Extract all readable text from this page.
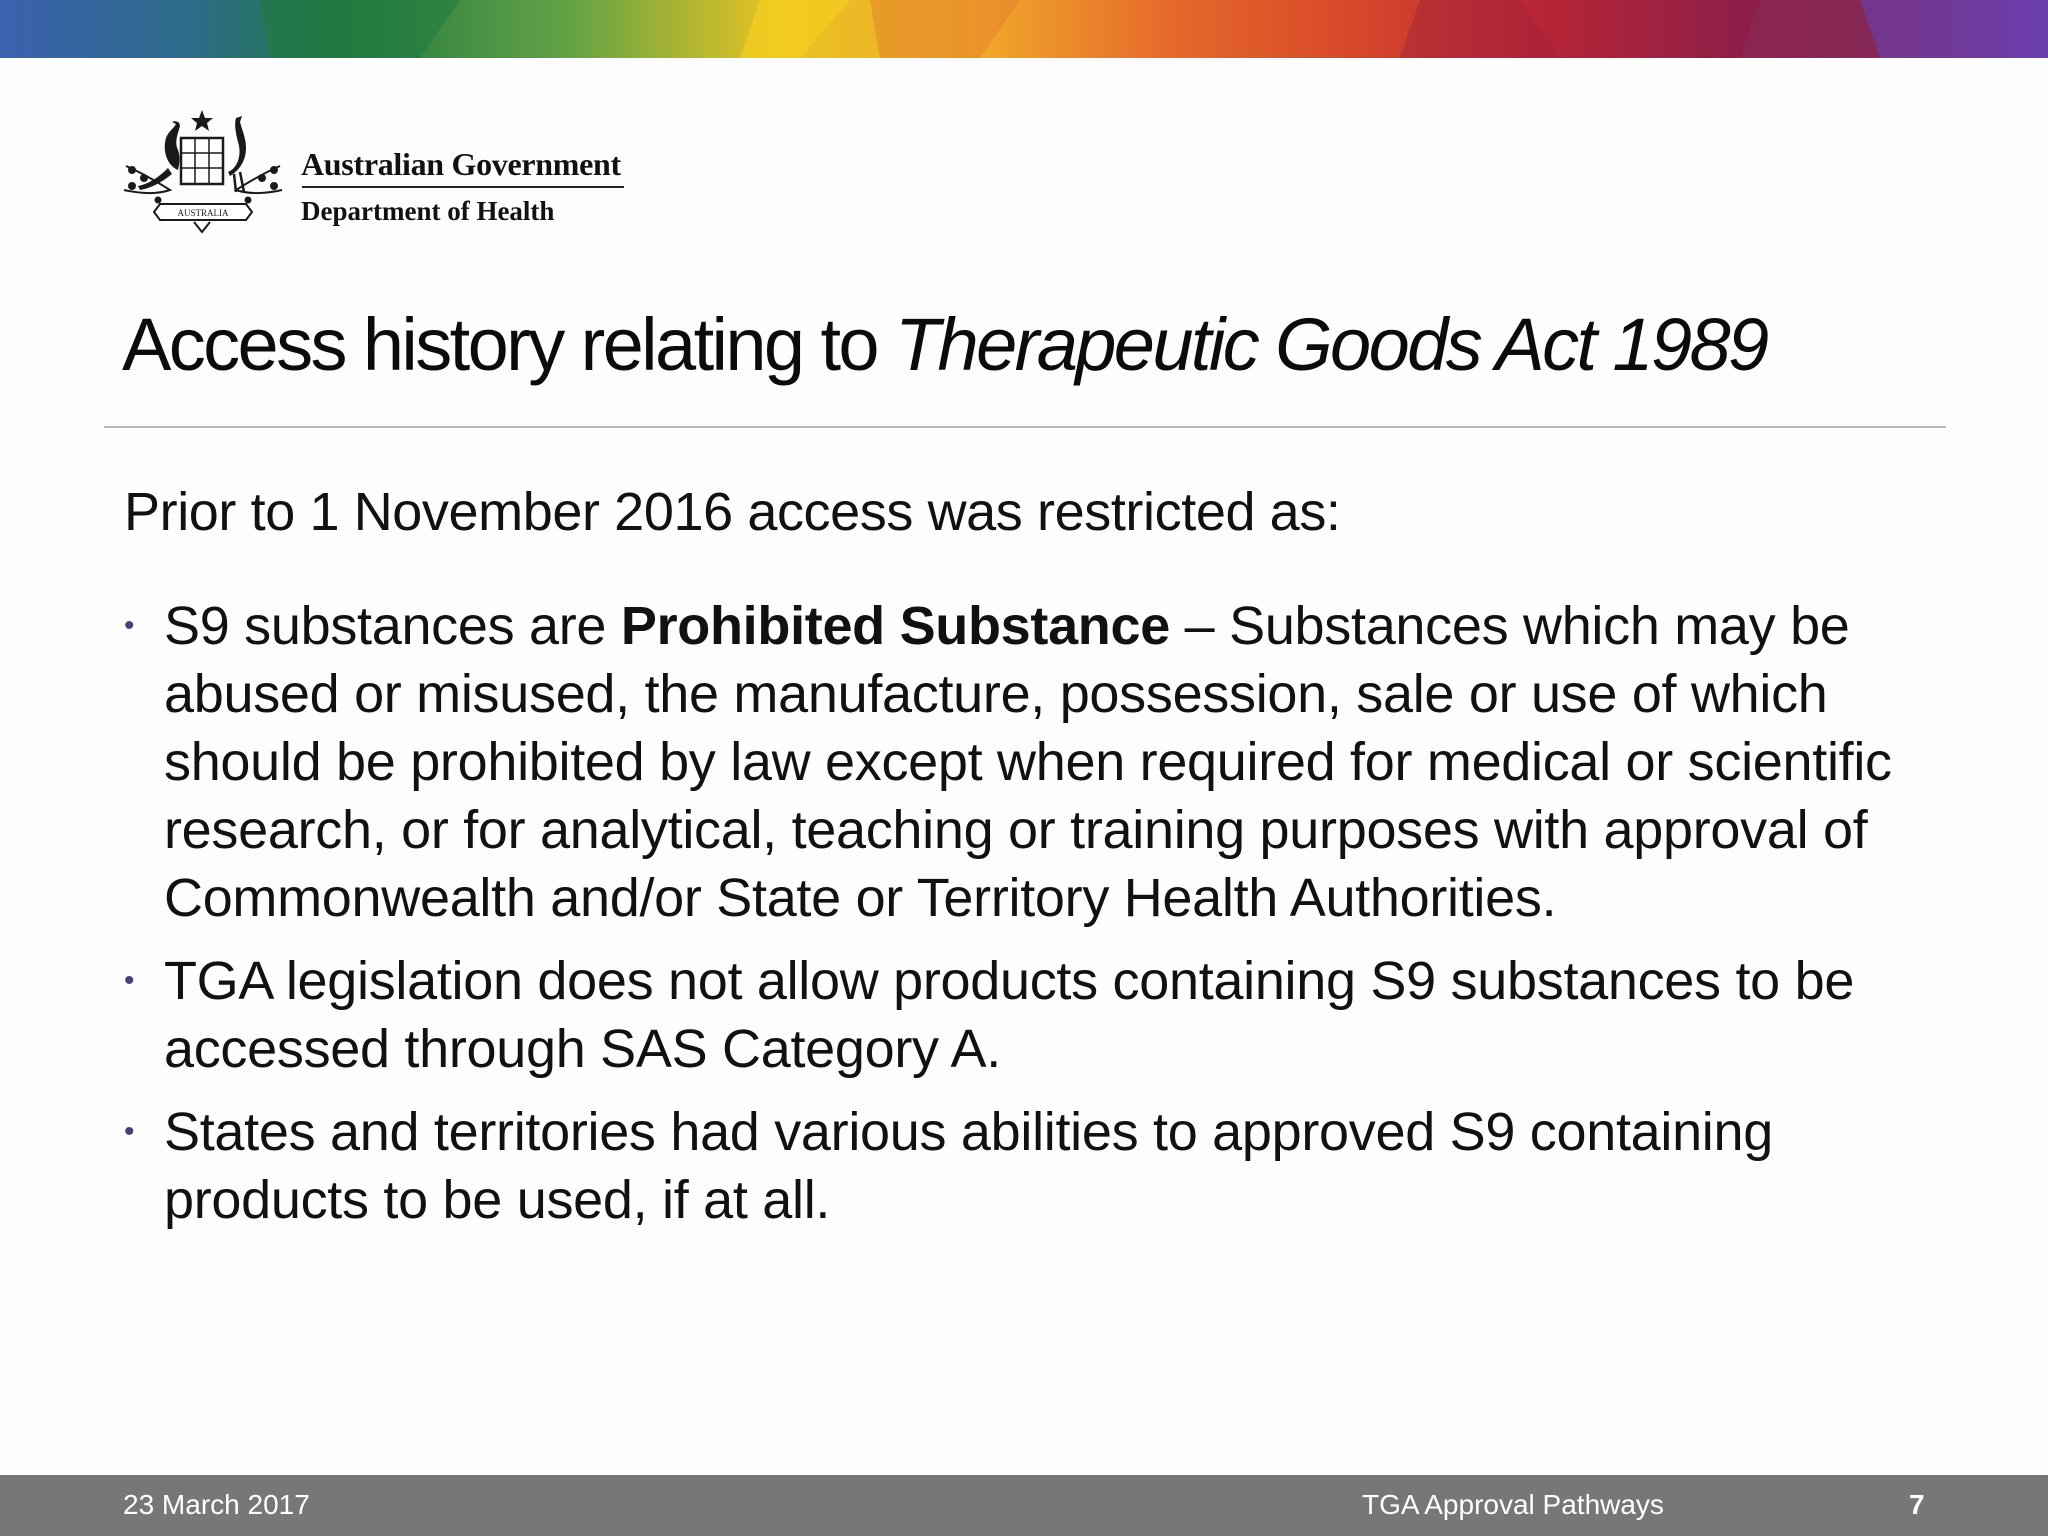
AUSTRALIA
Australian Government
Department of Health
Access history relating to Therapeutic Goods Act 1989

Prior to 1 November 2016 access was restricted as:

• S9 substances are Prohibited Substance – Substances which may be abused or misused, the manufacture, possession, sale or use of which should be prohibited by law except when required for medical or scientific research, or for analytical, teaching or training purposes with approval of Commonwealth and/or State or Territory Health Authorities.

• TGA legislation does not allow products containing S9 substances to be accessed through SAS Category A.

• States and territories had various abilities to approved S9 containing products to be used, if at all.

23 March 2017	TGA Approval Pathways	7
